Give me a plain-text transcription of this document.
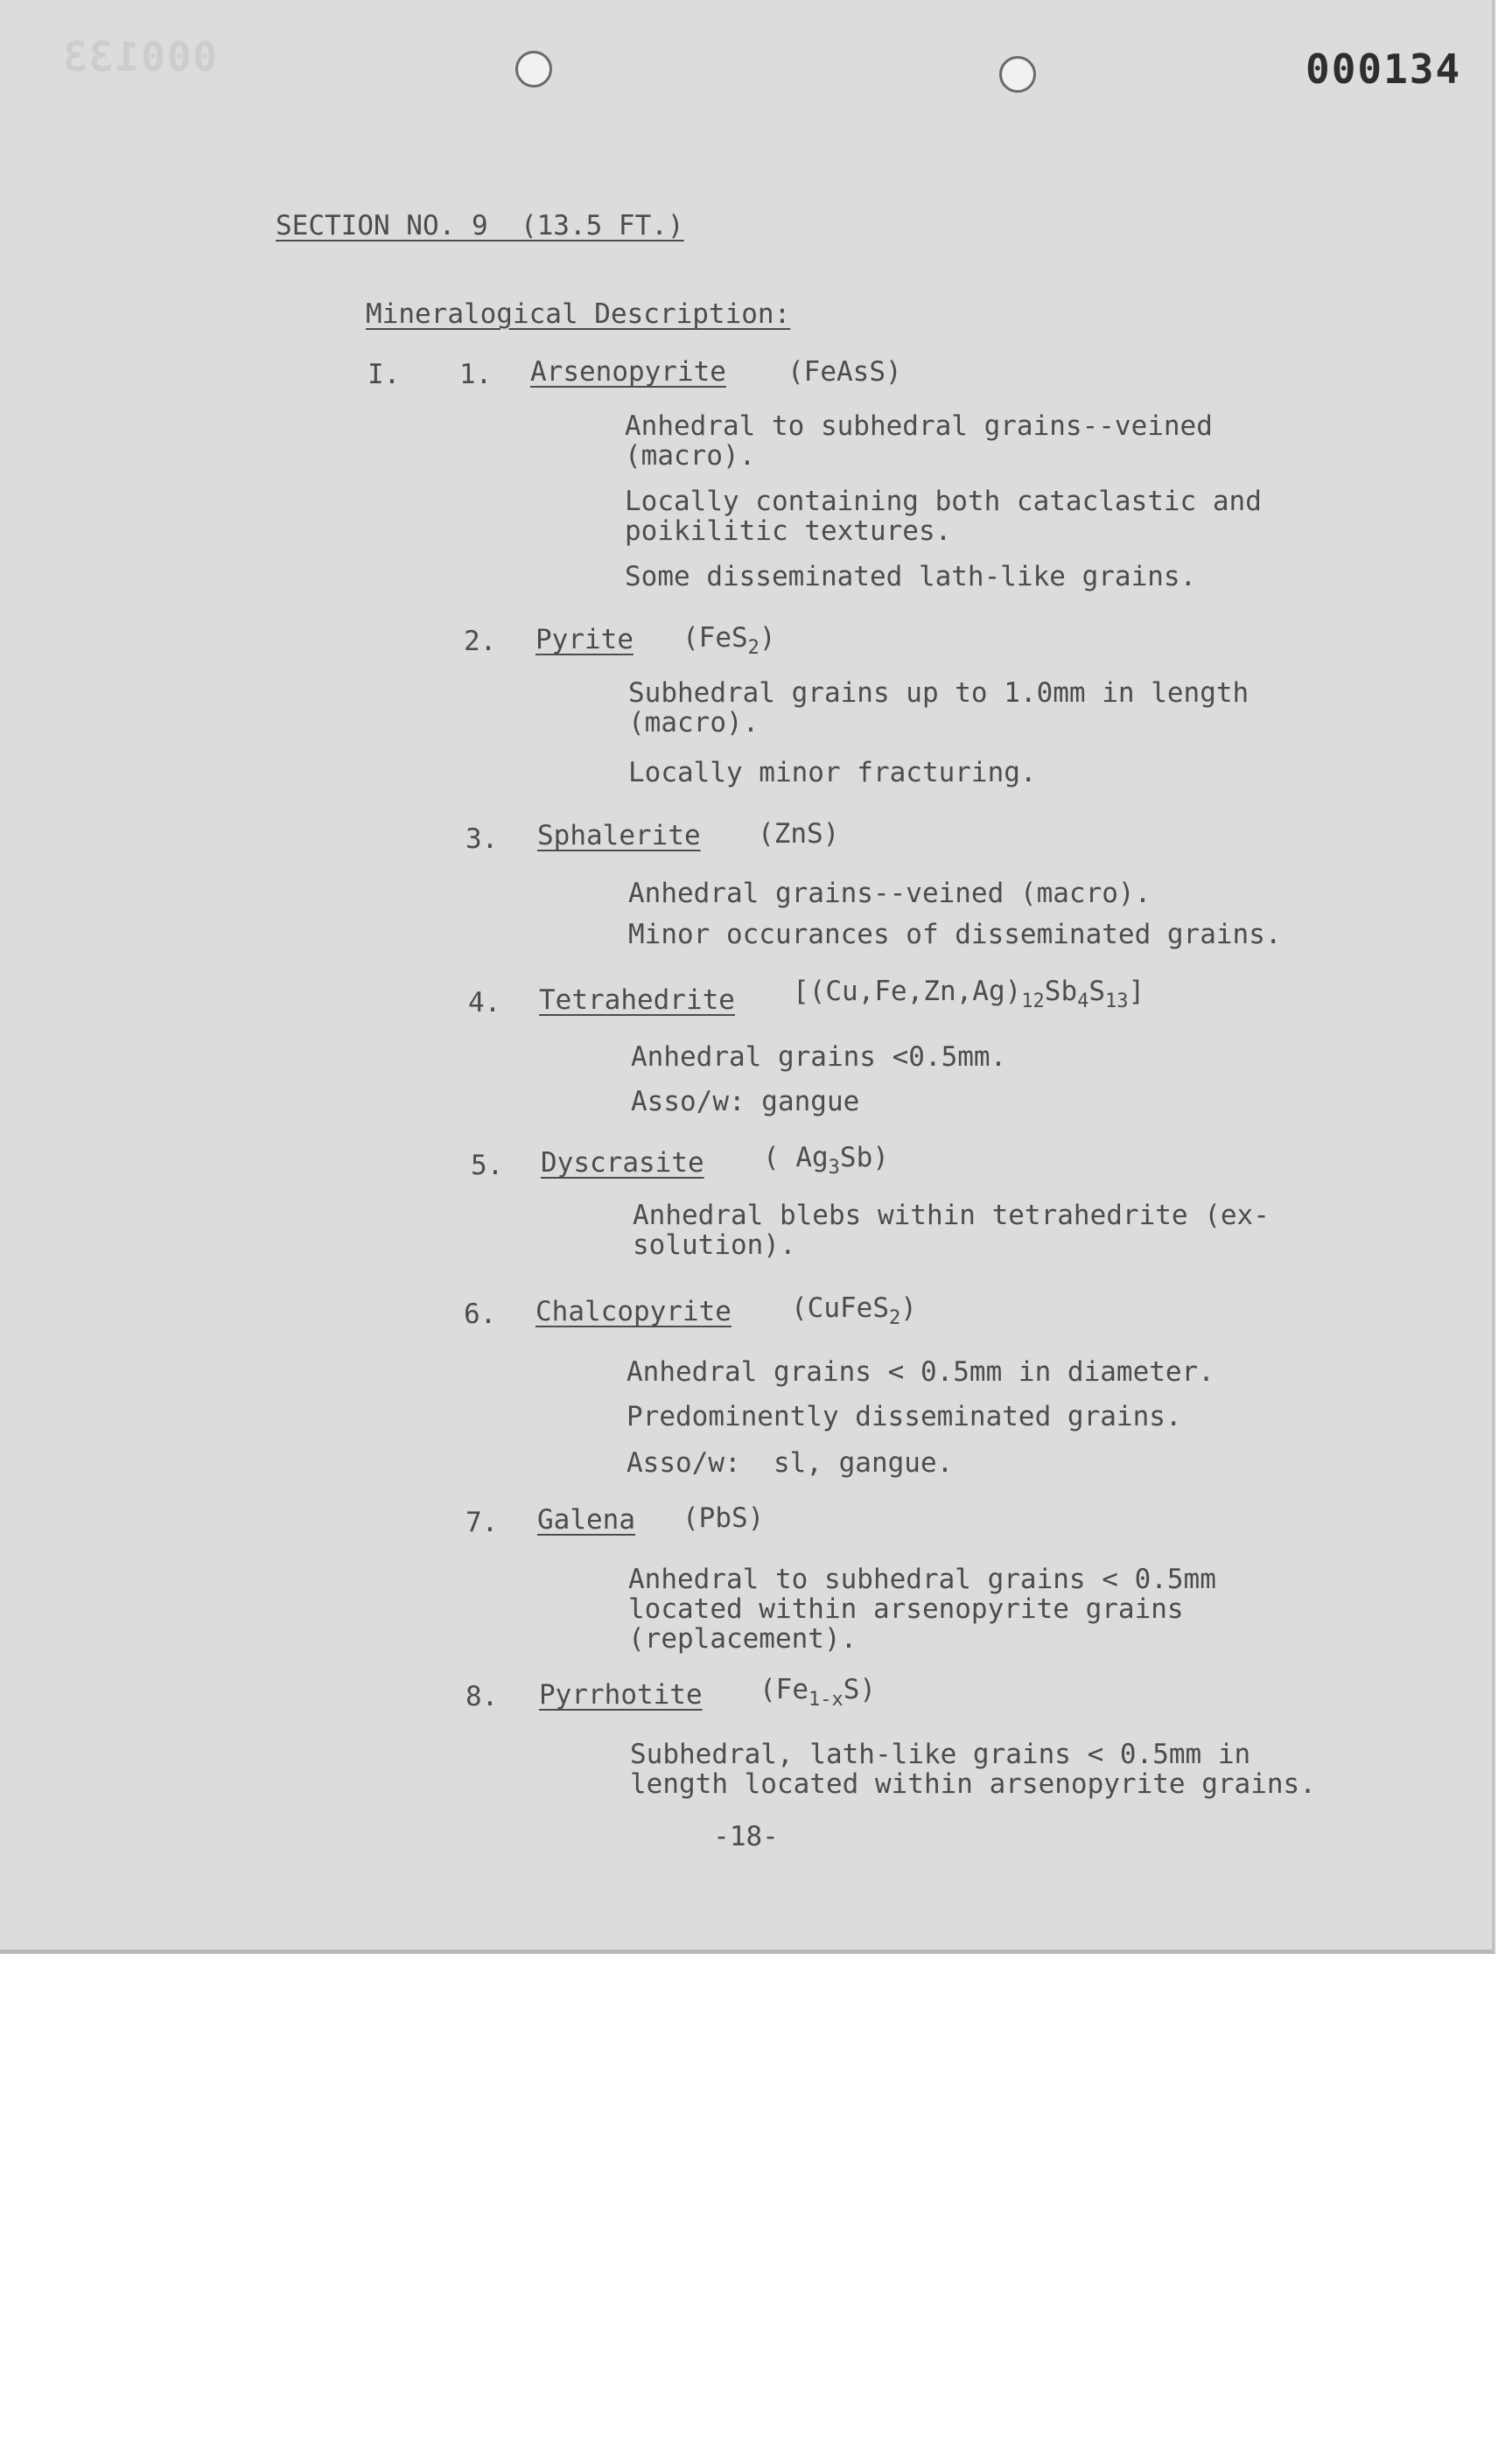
000133	000134
SECTION NO. 9  (13.5 FT.)
Mineralogical Description:
I. 1. Arsenopyrite (FeAsS)
Anhedral to subhedral grains--veined
(macro).
Locally containing both cataclastic and
poikilitic textures.
Some disseminated lath-like grains.
2. Pyrite (FeS$_2$)
Subhedral grains up to 1.0mm in length
(macro).
Locally minor fracturing.
3. Sphalerite (ZnS)
Anhedral grains--veined (macro).
Minor occurances of disseminated grains.
4. Tetrahedrite $[(Cu,Fe,Zn,Ag)_{12}Sb_4S_{13}]$
Anhedral grains <0.5mm.
Asso/w: gangue
5. Dyscrasite ( $Ag_3Sb$)
Anhedral blebs within tetrahedrite (ex-
solution).
6. Chalcopyrite (CuFeS$_2$)
Anhedral grains < 0.5mm in diameter.
Predominently disseminated grains.
Asso/w:  sl, gangue.
7. Galena (PbS)
Anhedral to subhedral grains < 0.5mm
located within arsenopyrite grains
(replacement).
8. Pyrrhotite $(Fe_{1-x}S)$
Subhedral, lath-like grains < 0.5mm in
length located within arsenopyrite grains.
-18-
